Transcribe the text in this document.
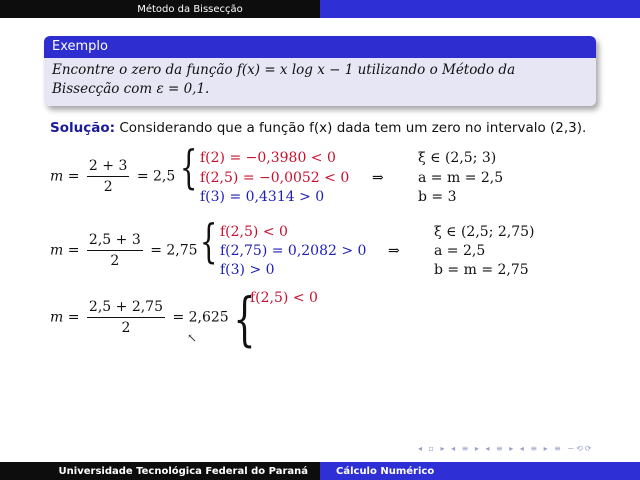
Método da Bissecção
Exemplo
Encontre o zero da função f(x) = x log x − 1 utilizando o Método da
Bissecção com ε = 0,1.
Solução: Considerando que a função f(x) dada tem um zero no intervalo (2,3).
$m = \frac{2 + 3}{2} = 2,5$ { f(2) = −0,3980 < 0
f(2,5) = −0,0052 < 0
f(3) = 0,4314 > 0
⇒
ξ ∈ (2,5; 3)
a = m = 2,5
b = 3
$m = \frac{2,5 + 3}{2} = 2,75$ { f(2,5) < 0
f(2,75) = 0,2082 > 0
f(3) > 0
⇒
ξ ∈ (2,5; 2,75)
a = 2,5
b = m = 2,75
$m = \frac{2,5 + 2,75}{2} = 2,625$ {
f(2,5) < 0
↖
◂ ▫ ▸ ◂ ≡ ▸ ◂ ≡ ▸ ◂ ≡ ▸ ≡ ∽⟲⟳
Universidade Tecnológica Federal do Paraná	Cálculo Numérico
